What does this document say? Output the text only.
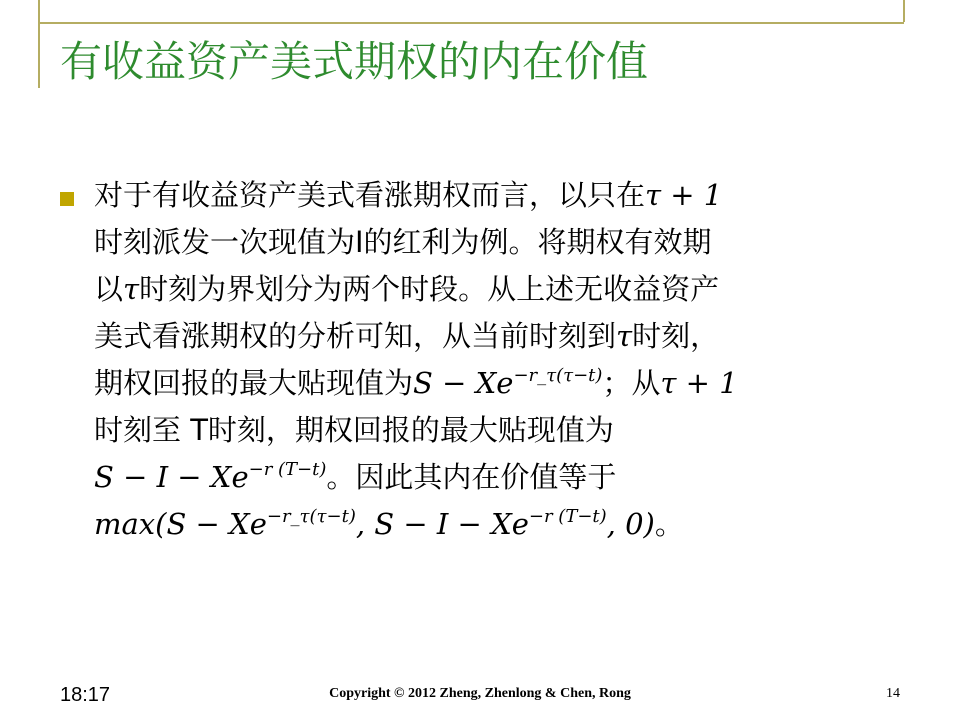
有收益资产美式期权的内在价值
对于有收益资产美式看涨期权而言，以只在τ + 1
时刻派发一次现值为I的红利为例。将期权有效期
以τ时刻为界划分为两个时段。从上述无收益资产
美式看涨期权的分析可知，从当前时刻到τ时刻，
期权回报的最大贴现值为$S - Xe^{-r\_\tau(\tau-t)}$；从τ + 1
时刻至 T时刻，期权回报的最大贴现值为
$S - I - Xe^{-r (T-t)}$。因此其内在价值等于
$\max(S - Xe^{-r\_\tau(\tau-t)}$, $S - I - Xe^{-r (T-t)}$, 0)。
18:17	Copyright © 2012 Zheng, Zhenlong & Chen, Rong	14
